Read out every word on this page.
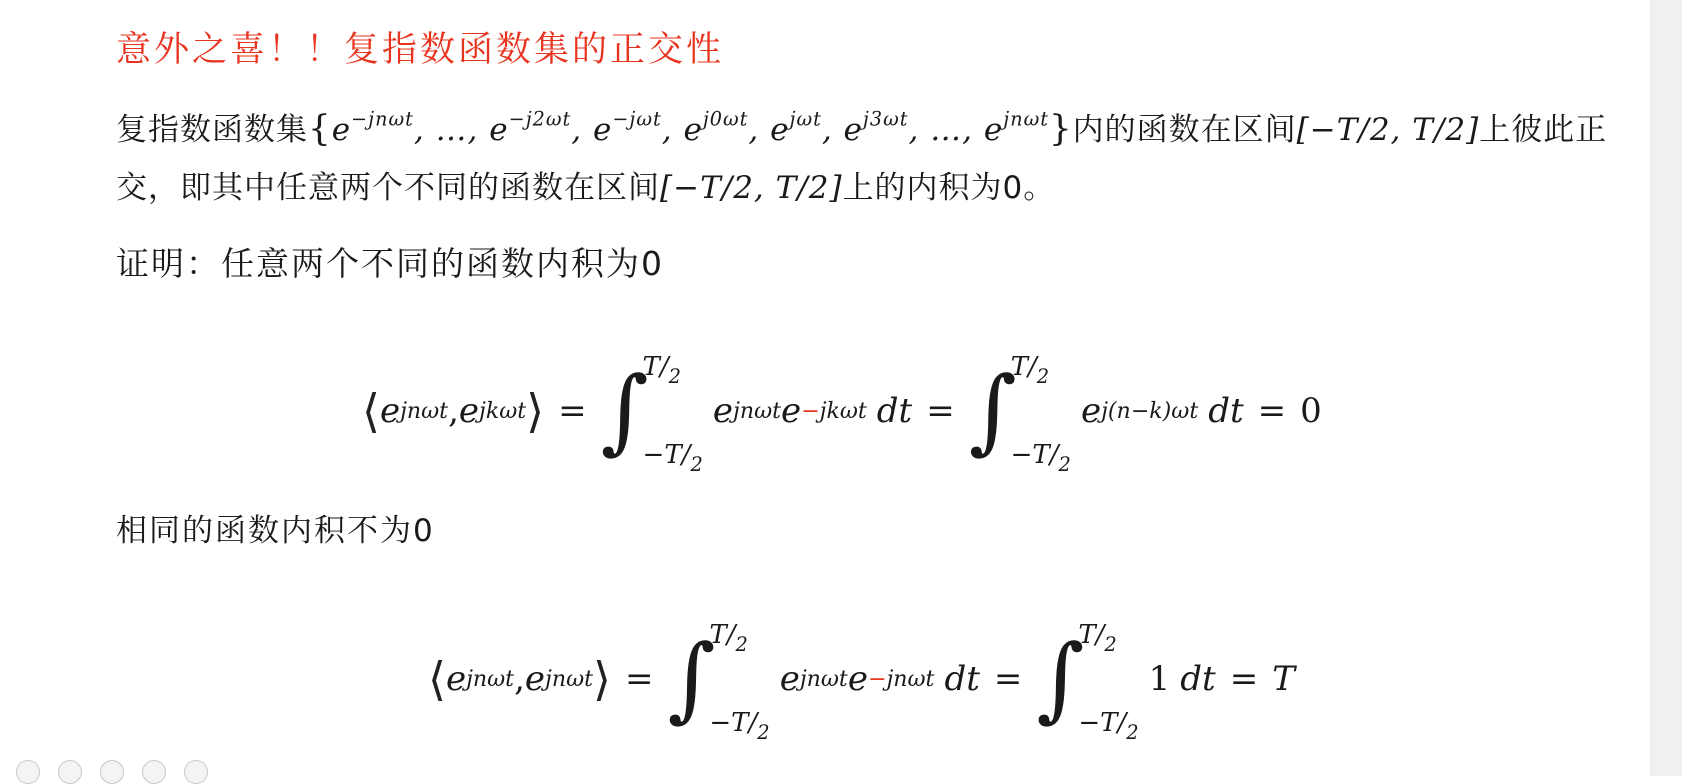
意外之喜！！复指数函数集的正交性
复指数函数集{$e^{-jn\omega t}$, …, $e^{-j2\omega t}$, $e^{-j\omega t}$, $e^{j0\omega t}$, $e^{j\omega t}$, $e^{j3\omega t}$, …, $e^{jn\omega t}$}内的函数在区间[−T/2, T/2]上彼此正
交，即其中任意两个不同的函数在区间[−T/2, T/2]上的内积为0。
证明：任意两个不同的函数内积为0
⟨ e jnωt , e jkωt ⟩ = ∫
$T/_2$
$-T/_2$
e jnωt e −jkωt dt = ∫
$T/_2$
$-T/_2$
e j(n−k)ωt dt = 0
相同的函数内积不为0
⟨ e jnωt , e jnωt ⟩ = ∫
$T/_2$
$-T/_2$
e jnωt e −jnωt dt = ∫
$T/_2$
$-T/_2$
1 dt = T
